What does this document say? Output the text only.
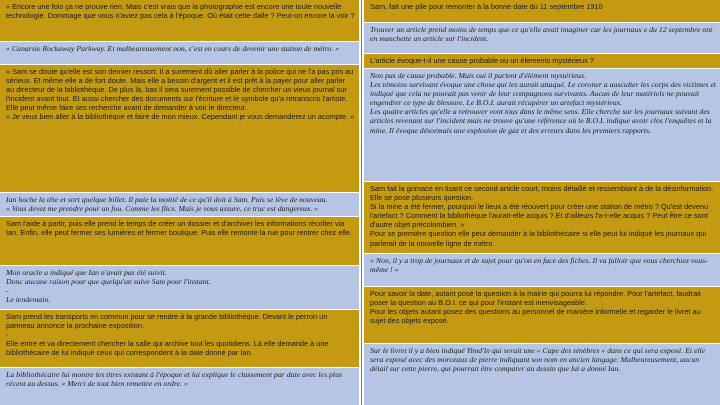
« Encore une fois ça ne prouve rien. Mais c'est vrais que la photographie est encore une toute nouvelle technologie. Dommage que vous n'aviez pas cela à l'époque. Où était cette dalle ? Peut-on encore la voir ?

« Canarsie Rockaway Parkway. Et malheureusement non, c'est en cours de devenir une station de métro. »

« Sam se doute qu'elle est son dernier ressort. Il a surement dû aller parler à la police qui ne l'a pas pris au sérieux. Et même elle a de fort doute. Mais elle a besoin d'argent et il est prêt à la payer pour aller parler au directeur de la bibliothèque. De plus là, bas il sera surement possible de chercher un vieux journal sur l'incident avant tout. Et aussi chercher des documents sur l'écriture et le symbole qu'a retranscris l'artiste. Elle peut même faire ses recherche avant de demander à voir le directeur.

« Je veux bien aller à la bibliothèque et faire de mon mieux. Cependant je vous demanderez un acompte. »

Ian hoche la tête et sort quelque billet. Il paie la moitié de ce qu'il doit à Sam. Puis se lève de nouveau.

« Vous devez me prendre pour un fou. Comme les flics. Mais je vous assure, ce truc est dangereux. »

Sam l'aide à partir, puis elle prend le temps de créer un dossier et d'archiver les informations récolter via Ian. Enfin, elle peut fermer ses lumières et fermer boutique. Puis elle remonte la rue pour rentrer chez elle.

Mon oracle a indiqué que Ian n'avait pas été suivit.

Donc aucune raison pour que quelqu'un suive Sam pour l'instant.

-

Le lendemain.

Sam prend les transports en commun pour se rendre à la grande bibliothèque. Devant le perron un panneau annonce la prochaine exposition.

-

Elle entre et va directement chercher la salle qui archive tout les quotidiens. Là elle demande à une bibliothécaire de lui indiqué ceux qui correspondent à la date donné par Ian.

La bibliothécaire lui montre les titres existant à l'époque et lui explique le classement par date avec les plus récent au dessus. « Merci de tout bien remettre en ordre. »

Sam, fait une pile pour remonter à la bonne date du 11 septembre 1910

Trouver un article prend moins de temps que ce qu'elle avait imaginer car les journaux e du 12 septembre ont en manchette un article sur l'incident.

L'article évoque-t-il une cause probable ou un élements mystérieux ?

Non pas de cause probable. Mais oui il parlent d'élément mystérieux.

Les témoins survivant évoque une chose qui les aurait attaqué. Le coroner a ausculter les corps des victimes et indiqué que cela ne pouvait pas venir de leur compagnons survivants. Aucun de leur matériels ne pouvait engendrer ce type de blessure. Le B.O.I. aurait récupérer un artefact mystérieux.

Les quatre articles qu'elle a retrouver vont tous dans le même sens. Elle cherche sur les journaux suivant des articles revenant sur l'incident mais ne trouve qu'une référence où le B.O.I. indique avoir clos l'enquêtes et la mine. Il évoque désormais une explosion de gaz et des erreurs dans les premiers rapports.

Sam fait la grimace en lisant ce second article court, moins détaillé et ressemblant à de la désinformation. Elle se pose plusieurs question.

Si la mine a été fermer, pourquoi le lieux a été réouvert pour créer une station de métro ? Qu'est devenu l'artefact ? Comment la bibliothèque l'aurait-elle acquis ? Et d'ailleurs l'a-t-elle acquis ? Peut être ce sont d'autre objet précolombien. »

Pour se première question elle peut demander à la bibliothécaire si elle peut lui indiqué les journaux qui parlerait de la nouvelle ligne de métro.

« Non, il y a trop de journaux et de sujet pour qu'on en face des fiches. Il va falloir que vous cherchiez vous-même ! »

Pour savoir la date, autant posé la question à la mairie qui pourra lui répondre. Pour l'artefact, faudrait poser la question au B.O.I. ce qui pour l'instant est inenvisageable.

Pour les objets autant posez des questions au personnel de manière informelle et regarder le livret au sujet des objets exposé.

Sur le livret il y a bien indiqué Yimd'ln qui serait une « Cape des ténèbres » dans ce qui sera exposé. Et elle sera exposé avec des morceaux de pierre indiquant son nom en ancien langage. Malheureusement, aucun détail sur cette pierre, qui pourrait être comparer au dessin que lui a donné Ian.
